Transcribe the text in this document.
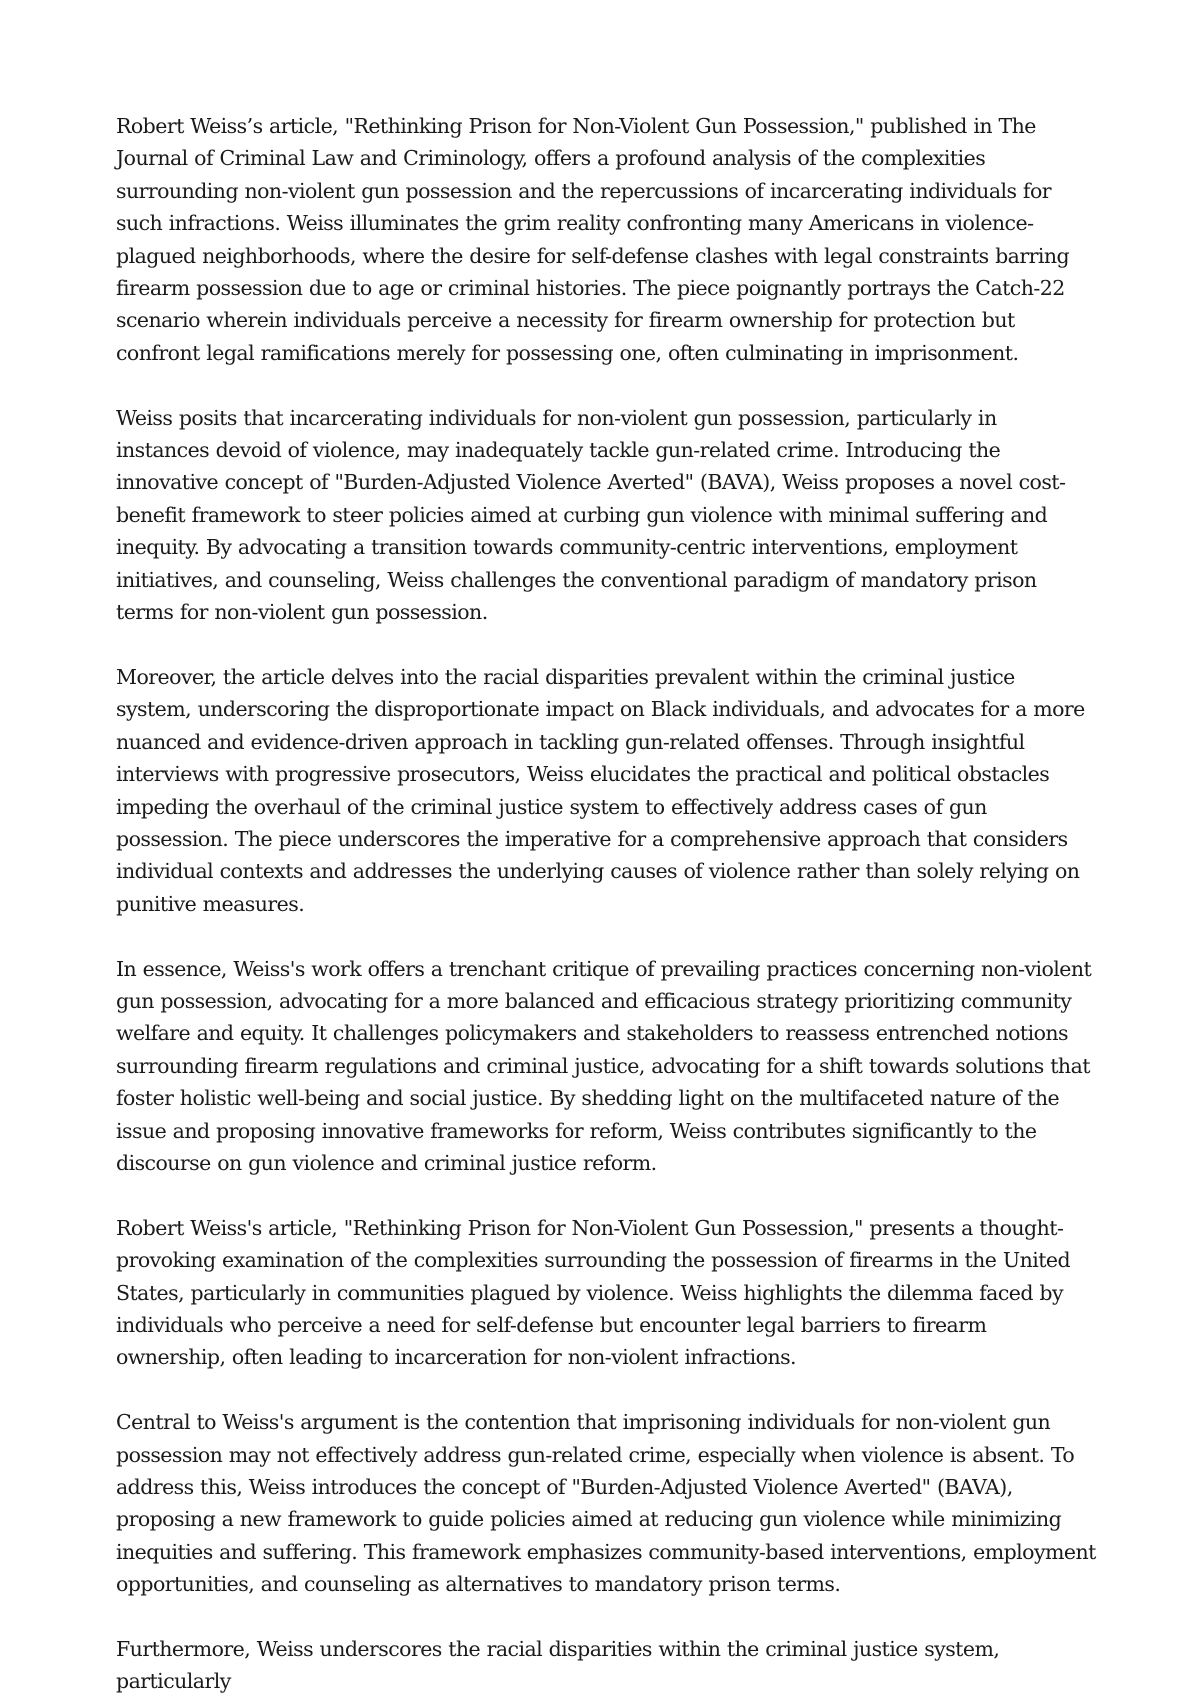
Robert Weiss’s article, "Rethinking Prison for Non-Violent Gun Possession," published in The Journal of Criminal Law and Criminology, offers a profound analysis of the complexities surrounding non-violent gun possession and the repercussions of incarcerating individuals for such infractions. Weiss illuminates the grim reality confronting many Americans in violence-plagued neighborhoods, where the desire for self-defense clashes with legal constraints barring firearm possession due to age or criminal histories. The piece poignantly portrays the Catch-22 scenario wherein individuals perceive a necessity for firearm ownership for protection but confront legal ramifications merely for possessing one, often culminating in imprisonment.

Weiss posits that incarcerating individuals for non-violent gun possession, particularly in instances devoid of violence, may inadequately tackle gun-related crime. Introducing the innovative concept of "Burden-Adjusted Violence Averted" (BAVA), Weiss proposes a novel cost-benefit framework to steer policies aimed at curbing gun violence with minimal suffering and inequity. By advocating a transition towards community-centric interventions, employment initiatives, and counseling, Weiss challenges the conventional paradigm of mandatory prison terms for non-violent gun possession.

Moreover, the article delves into the racial disparities prevalent within the criminal justice system, underscoring the disproportionate impact on Black individuals, and advocates for a more nuanced and evidence-driven approach in tackling gun-related offenses. Through insightful interviews with progressive prosecutors, Weiss elucidates the practical and political obstacles impeding the overhaul of the criminal justice system to effectively address cases of gun possession. The piece underscores the imperative for a comprehensive approach that considers individual contexts and addresses the underlying causes of violence rather than solely relying on punitive measures.

In essence, Weiss's work offers a trenchant critique of prevailing practices concerning non-violent gun possession, advocating for a more balanced and efficacious strategy prioritizing community welfare and equity. It challenges policymakers and stakeholders to reassess entrenched notions surrounding firearm regulations and criminal justice, advocating for a shift towards solutions that foster holistic well-being and social justice. By shedding light on the multifaceted nature of the issue and proposing innovative frameworks for reform, Weiss contributes significantly to the discourse on gun violence and criminal justice reform.

Robert Weiss's article, "Rethinking Prison for Non-Violent Gun Possession," presents a thought-provoking examination of the complexities surrounding the possession of firearms in the United States, particularly in communities plagued by violence. Weiss highlights the dilemma faced by individuals who perceive a need for self-defense but encounter legal barriers to firearm ownership, often leading to incarceration for non-violent infractions.

Central to Weiss's argument is the contention that imprisoning individuals for non-violent gun possession may not effectively address gun-related crime, especially when violence is absent. To address this, Weiss introduces the concept of "Burden-Adjusted Violence Averted" (BAVA), proposing a new framework to guide policies aimed at reducing gun violence while minimizing inequities and suffering. This framework emphasizes community-based interventions, employment opportunities, and counseling as alternatives to mandatory prison terms.

Furthermore, Weiss underscores the racial disparities within the criminal justice system, particularly
